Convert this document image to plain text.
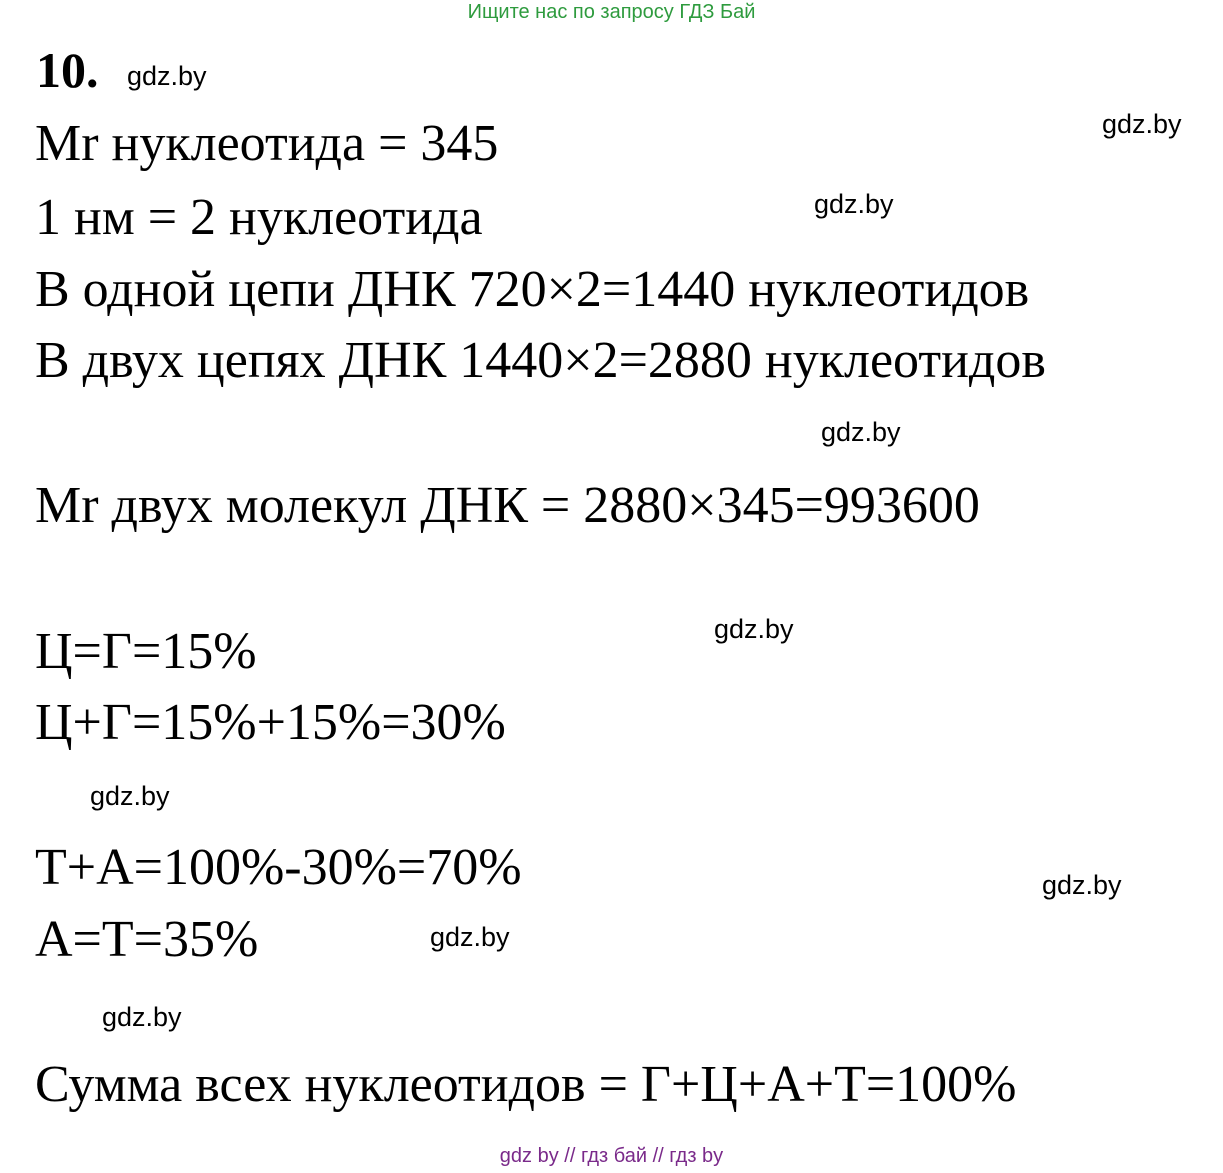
Ищите нас по запросу ГДЗ Бай
10. gdz.by
Mr нуклеотида = 345	gdz.by
1 нм = 2 нуклеотида	gdz.by
В одной цепи ДНК 720×2=1440 нуклеотидов
В двух цепях ДНК 1440×2=2880 нуклеотидов
gdz.by
Mr двух молекул ДНК = 2880×345=993600
gdz.by
Ц=Г=15%
Ц+Г=15%+15%=30%
gdz.by
Т+А=100%-30%=70%	gdz.by
А=Т=35%	gdz.by
gdz.by
Сумма всех нуклеотидов = Г+Ц+А+Т=100%
gdz by // гдз бай // гдз by
